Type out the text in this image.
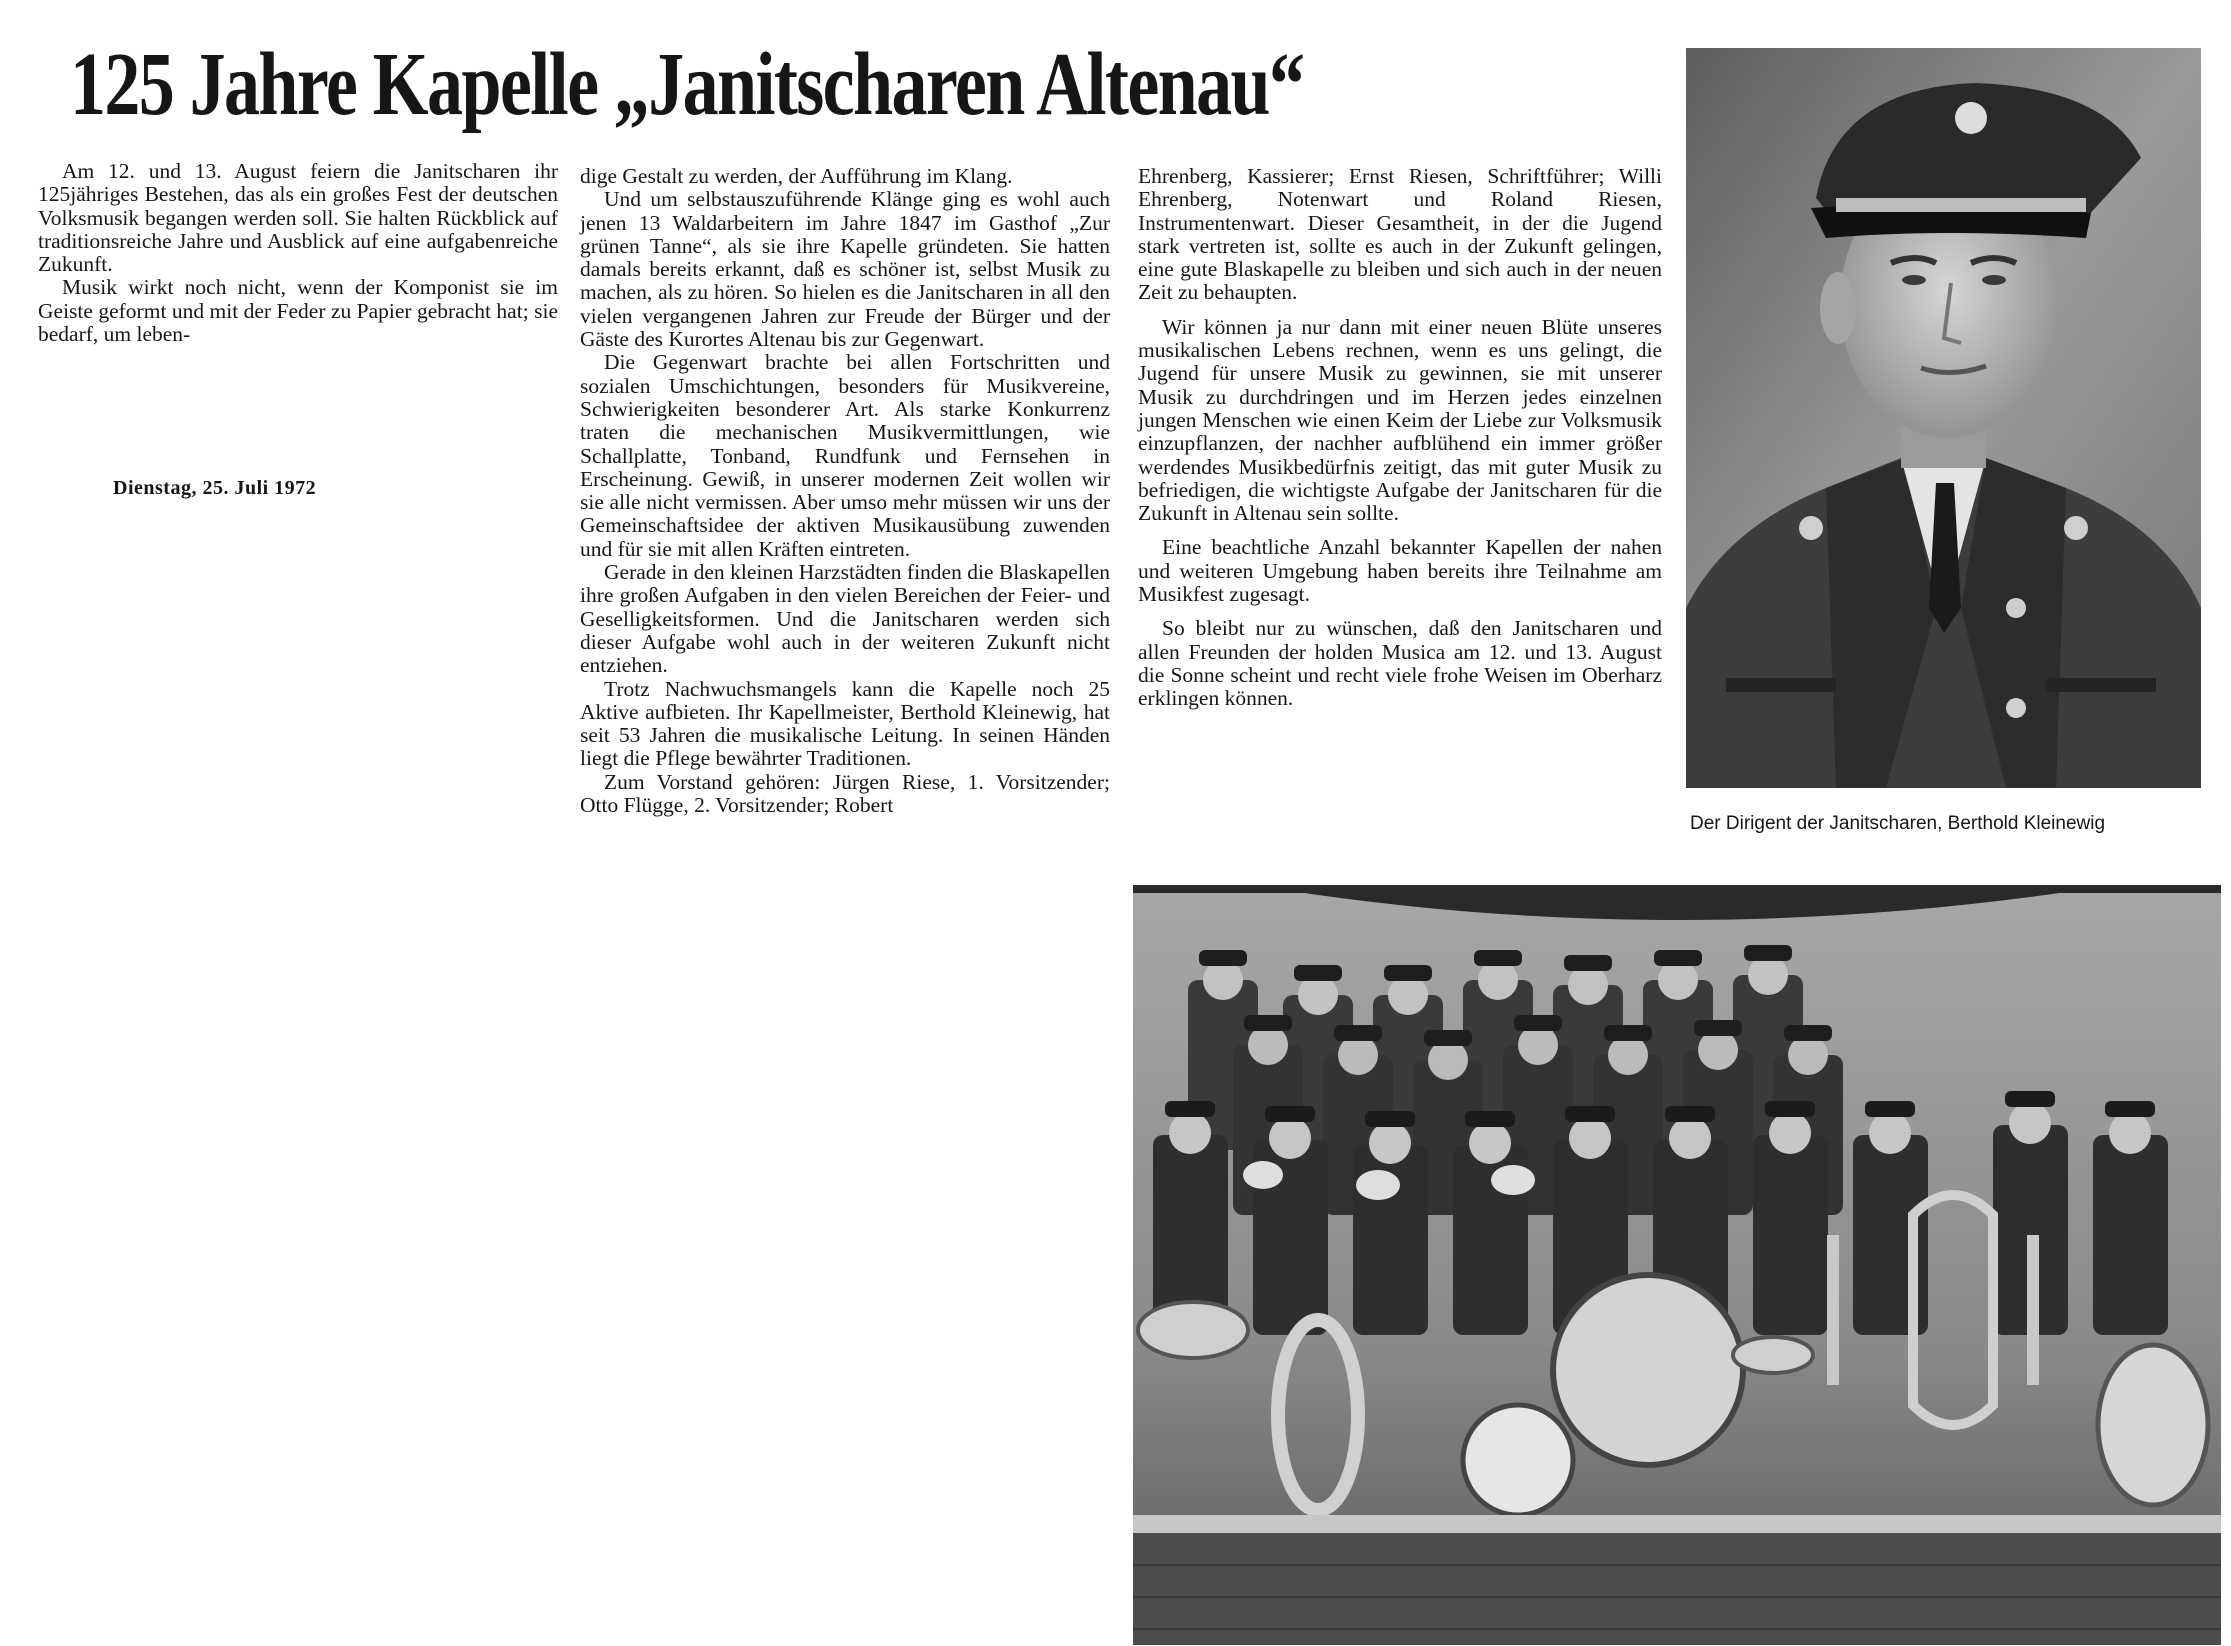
125 Jahre Kapelle „Janitscharen Altenau“

Am 12. und 13. August feiern die Janitscharen ihr 125jähriges Bestehen, das als ein großes Fest der deutschen Volksmusik begangen werden soll. Sie halten Rückblick auf traditionsreiche Jahre und Ausblick auf eine aufgabenreiche Zukunft.

Musik wirkt noch nicht, wenn der Komponist sie im Geiste geformt und mit der Feder zu Papier gebracht hat; sie bedarf, um leben-

Dienstag, 25. Juli 1972

dige Gestalt zu werden, der Aufführung im Klang.

Und um selbstauszuführende Klänge ging es wohl auch jenen 13 Waldarbeitern im Jahre 1847 im Gasthof „Zur grünen Tanne“, als sie ihre Kapelle gründeten. Sie hatten damals bereits erkannt, daß es schöner ist, selbst Musik zu machen, als zu hören. So hielen es die Janitscharen in all den vielen vergangenen Jahren zur Freude der Bürger und der Gäste des Kurortes Altenau bis zur Gegenwart.

Die Gegenwart brachte bei allen Fortschritten und sozialen Umschichtungen, besonders für Musikvereine, Schwierigkeiten besonderer Art. Als starke Konkurrenz traten die mechanischen Musikvermittlungen, wie Schallplatte, Tonband, Rundfunk und Fernsehen in Erscheinung. Gewiß, in unserer modernen Zeit wollen wir sie alle nicht vermissen. Aber umso mehr müssen wir uns der Gemeinschaftsidee der aktiven Musikausübung zuwenden und für sie mit allen Kräften eintreten.

Gerade in den kleinen Harzstädten finden die Blaskapellen ihre großen Aufgaben in den vielen Bereichen der Feier- und Geselligkeitsformen. Und die Janitscharen werden sich dieser Aufgabe wohl auch in der weiteren Zukunft nicht entziehen.

Trotz Nachwuchsmangels kann die Kapelle noch 25 Aktive aufbieten. Ihr Kapellmeister, Berthold Kleinewig, hat seit 53 Jahren die musikalische Leitung. In seinen Händen liegt die Pflege bewährter Traditionen.

Zum Vorstand gehören: Jürgen Riese, 1. Vorsitzender; Otto Flügge, 2. Vorsitzender; Robert

Ehrenberg, Kassierer; Ernst Riesen, Schriftführer; Willi Ehrenberg, Notenwart und Roland Riesen, Instrumentenwart. Dieser Gesamtheit, in der die Jugend stark vertreten ist, sollte es auch in der Zukunft gelingen, eine gute Blaskapelle zu bleiben und sich auch in der neuen Zeit zu behaupten.

Wir können ja nur dann mit einer neuen Blüte unseres musikalischen Lebens rechnen, wenn es uns gelingt, die Jugend für unsere Musik zu gewinnen, sie mit unserer Musik zu durchdringen und im Herzen jedes einzelnen jungen Menschen wie einen Keim der Liebe zur Volksmusik einzupflanzen, der nachher aufblühend ein immer größer werdendes Musikbedürfnis zeitigt, das mit guter Musik zu befriedigen, die wichtigste Aufgabe der Janitscharen für die Zukunft in Altenau sein sollte.

Eine beachtliche Anzahl bekannter Kapellen der nahen und weiteren Umgebung haben bereits ihre Teilnahme am Musikfest zugesagt.

So bleibt nur zu wünschen, daß den Janitscharen und allen Freunden der holden Musica am 12. und 13. August die Sonne scheint und recht viele frohe Weisen im Oberharz erklingen können.

Der Dirigent der Janitscharen, Berthold Kleinewig
